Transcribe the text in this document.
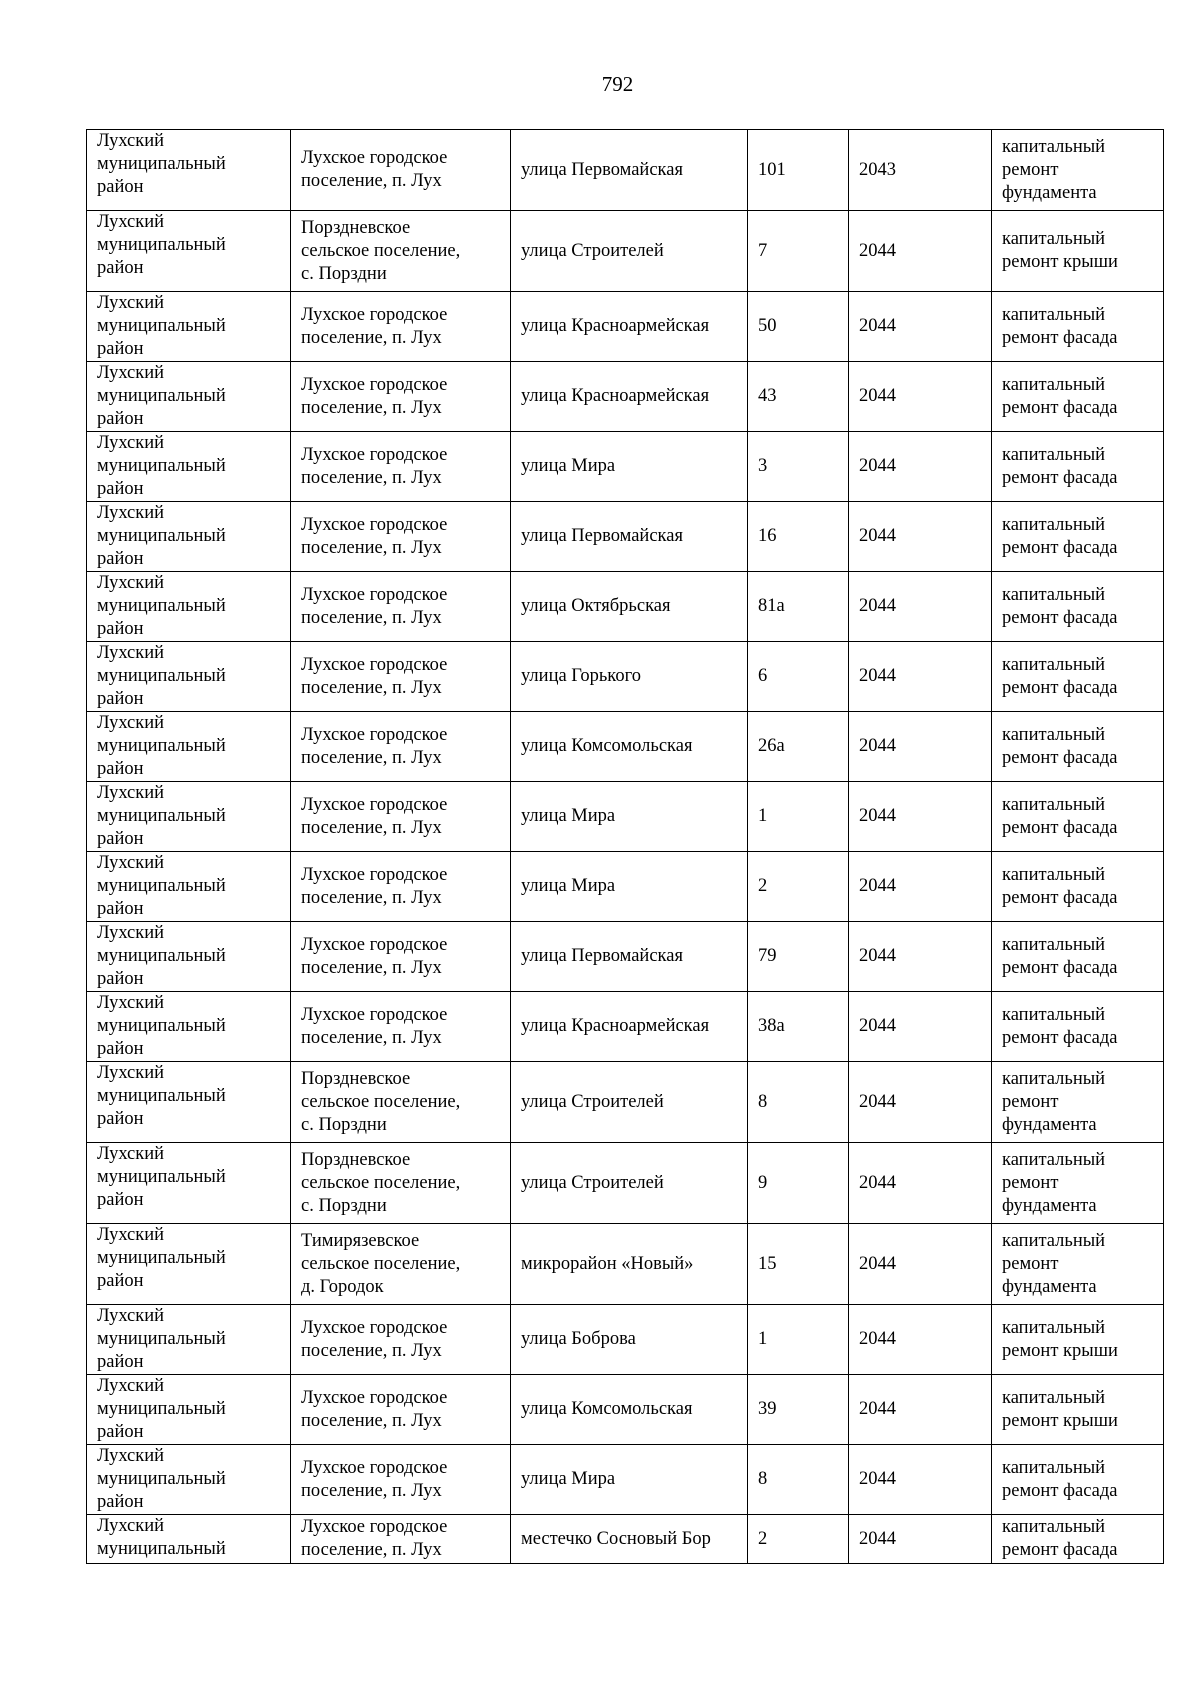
792
Лухский
муниципальный
район	Лухское городское
поселение, п. Лух	улица Первомайская	101	2043	капитальный
ремонт
фундамента

Лухский
муниципальный
район	Порздневское
сельское поселение,
с. Порздни	улица Строителей	7	2044	капитальный
ремонт крыши

Лухский
муниципальный
район	Лухское городское
поселение, п. Лух	улица Красноармейская	50	2044	капитальный
ремонт фасада

Лухский
муниципальный
район	Лухское городское
поселение, п. Лух	улица Красноармейская	43	2044	капитальный
ремонт фасада

Лухский
муниципальный
район	Лухское городское
поселение, п. Лух	улица Мира	3	2044	капитальный
ремонт фасада

Лухский
муниципальный
район	Лухское городское
поселение, п. Лух	улица Первомайская	16	2044	капитальный
ремонт фасада

Лухский
муниципальный
район	Лухское городское
поселение, п. Лух	улица Октябрьская	81а	2044	капитальный
ремонт фасада

Лухский
муниципальный
район	Лухское городское
поселение, п. Лух	улица Горького	6	2044	капитальный
ремонт фасада

Лухский
муниципальный
район	Лухское городское
поселение, п. Лух	улица Комсомольская	26а	2044	капитальный
ремонт фасада

Лухский
муниципальный
район	Лухское городское
поселение, п. Лух	улица Мира	1	2044	капитальный
ремонт фасада

Лухский
муниципальный
район	Лухское городское
поселение, п. Лух	улица Мира	2	2044	капитальный
ремонт фасада

Лухский
муниципальный
район	Лухское городское
поселение, п. Лух	улица Первомайская	79	2044	капитальный
ремонт фасада

Лухский
муниципальный
район	Лухское городское
поселение, п. Лух	улица Красноармейская	38а	2044	капитальный
ремонт фасада

Лухский
муниципальный
район	Порздневское
сельское поселение,
с. Порздни	улица Строителей	8	2044	капитальный
ремонт
фундамента

Лухский
муниципальный
район	Порздневское
сельское поселение,
с. Порздни	улица Строителей	9	2044	капитальный
ремонт
фундамента

Лухский
муниципальный
район	Тимирязевское
сельское поселение,
д. Городок	микрорайон «Новый»	15	2044	капитальный
ремонт
фундамента

Лухский
муниципальный
район	Лухское городское
поселение, п. Лух	улица Боброва	1	2044	капитальный
ремонт крыши

Лухский
муниципальный
район	Лухское городское
поселение, п. Лух	улица Комсомольская	39	2044	капитальный
ремонт крыши

Лухский
муниципальный
район	Лухское городское
поселение, п. Лух	улица Мира	8	2044	капитальный
ремонт фасада

Лухский
муниципальный	Лухское городское
поселение, п. Лух	местечко Сосновый Бор	2	2044	капитальный
ремонт фасада
